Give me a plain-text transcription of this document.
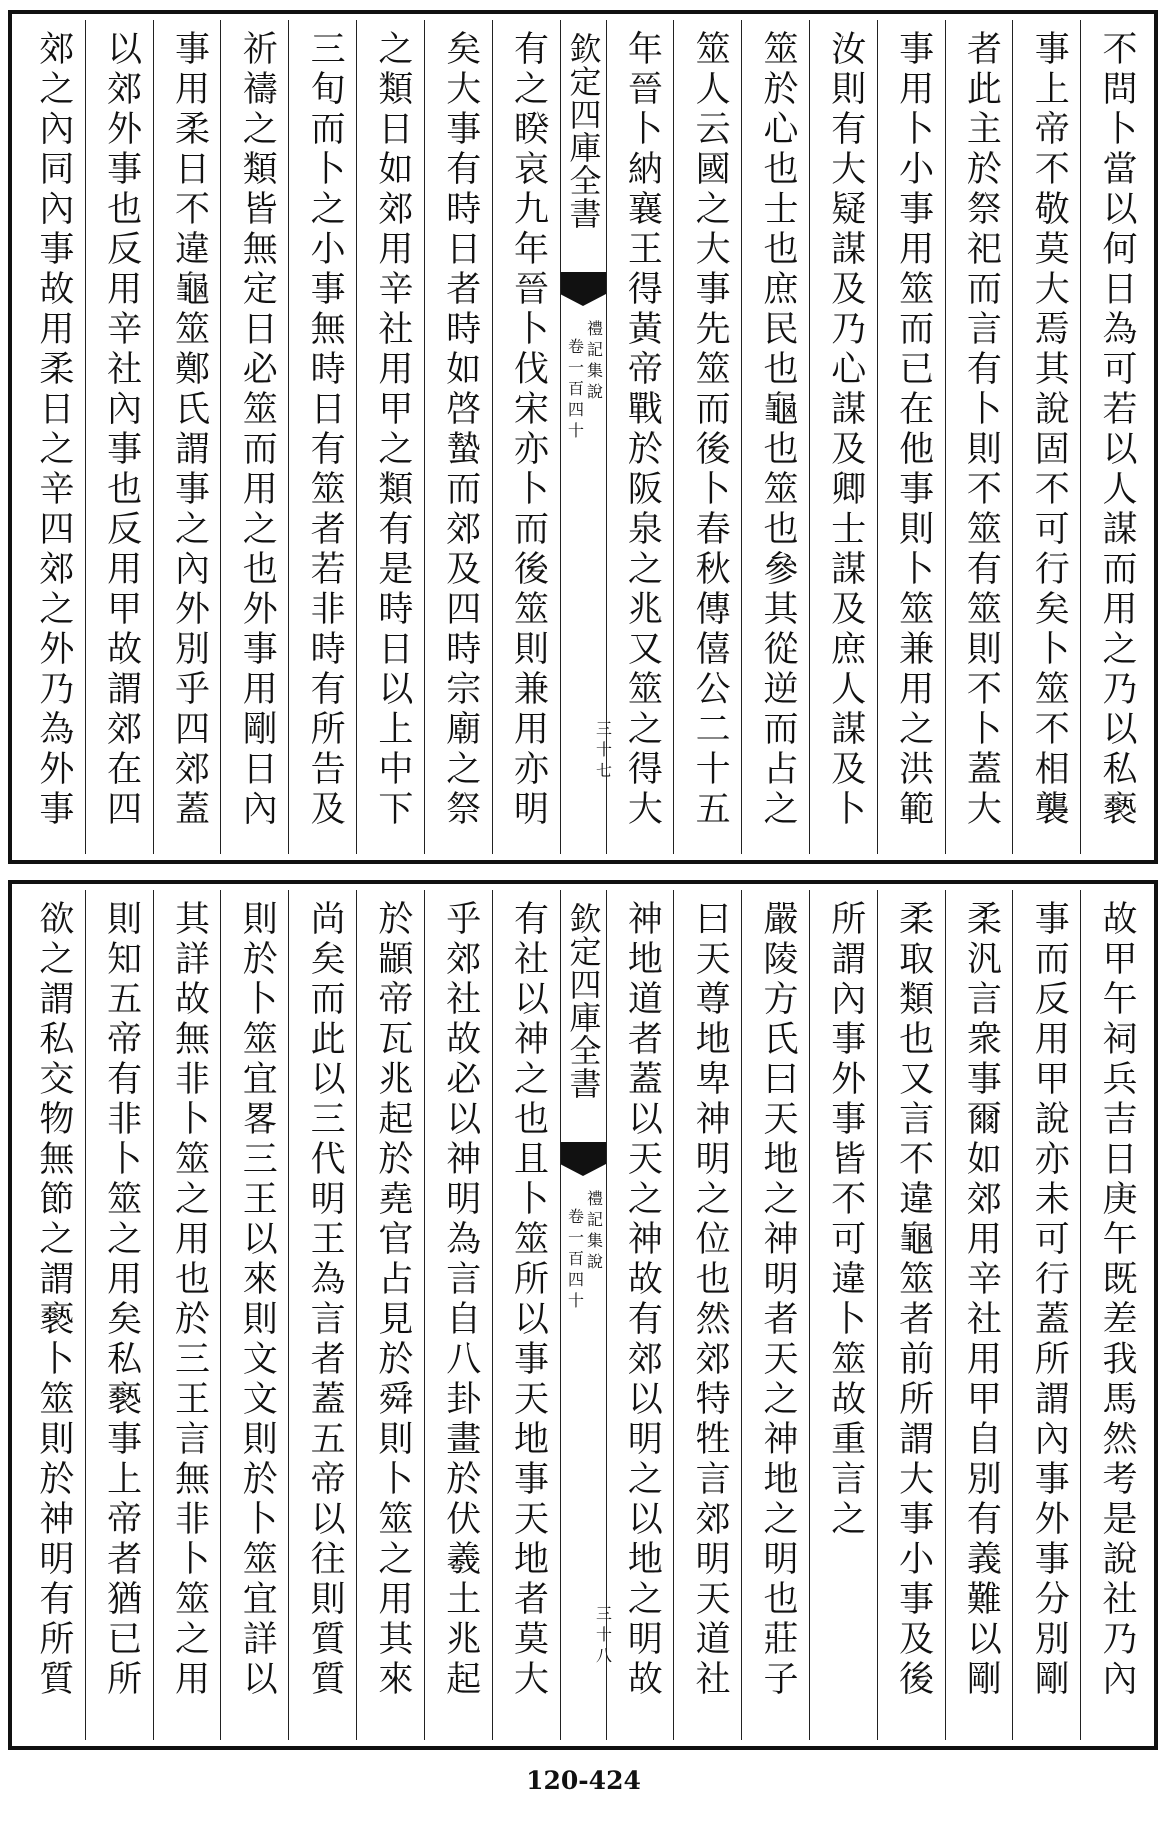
不問卜當以何日為可若以人謀而用之乃以私褻
事上帝不敬莫大焉其說固不可行矣卜筮不相襲
者此主於祭祀而言有卜則不筮有筮則不卜蓋大
事用卜小事用筮而已在他事則卜筮兼用之洪範
汝則有大疑謀及乃心謀及卿士謀及庶人謀及卜
筮於心也士也庶民也龜也筮也參其從逆而占之
筮人云國之大事先筮而後卜春秋傳僖公二十五
年晉卜納襄王得黃帝戰於阪泉之兆又筮之得大
欽定四庫全書
禮記集說
卷一百四十
三十七
有之睽哀九年晉卜伐宋亦卜而後筮則兼用亦明
矣大事有時日者時如啓蟄而郊及四時宗廟之祭
之類日如郊用辛社用甲之類有是時日以上中下
三旬而卜之小事無時日有筮者若非時有所告及
祈禱之類皆無定日必筮而用之也外事用剛日內
事用柔日不違龜筮鄭氏謂事之內外別乎四郊蓋
以郊外事也反用辛社內事也反用甲故謂郊在四
郊之內同內事故用柔日之辛四郊之外乃為外事
故甲午祠兵吉日庚午既差我馬然考是說社乃內
事而反用甲說亦未可行蓋所謂內事外事分別剛
柔汎言衆事爾如郊用辛社用甲自別有義難以剛
柔取類也又言不違龜筮者前所謂大事小事及後
所謂內事外事皆不可違卜筮故重言之
嚴陵方氏曰天地之神明者天之神地之明也莊子
曰天尊地卑神明之位也然郊特牲言郊明天道社
神地道者蓋以天之神故有郊以明之以地之明故
欽定四庫全書
禮記集說
卷一百四十
三十八
有社以神之也且卜筮所以事天地事天地者莫大
乎郊社故必以神明為言自八卦畫於伏羲土兆起
於顓帝瓦兆起於堯官占見於舜則卜筮之用其來
尚矣而此以三代明王為言者蓋五帝以往則質質
則於卜筮宜畧三王以來則文文則於卜筮宜詳以
其詳故無非卜筮之用也於三王言無非卜筮之用
則知五帝有非卜筮之用矣私褻事上帝者猶已所
欲之謂私交物無節之謂褻卜筮則於神明有所質
120-424
